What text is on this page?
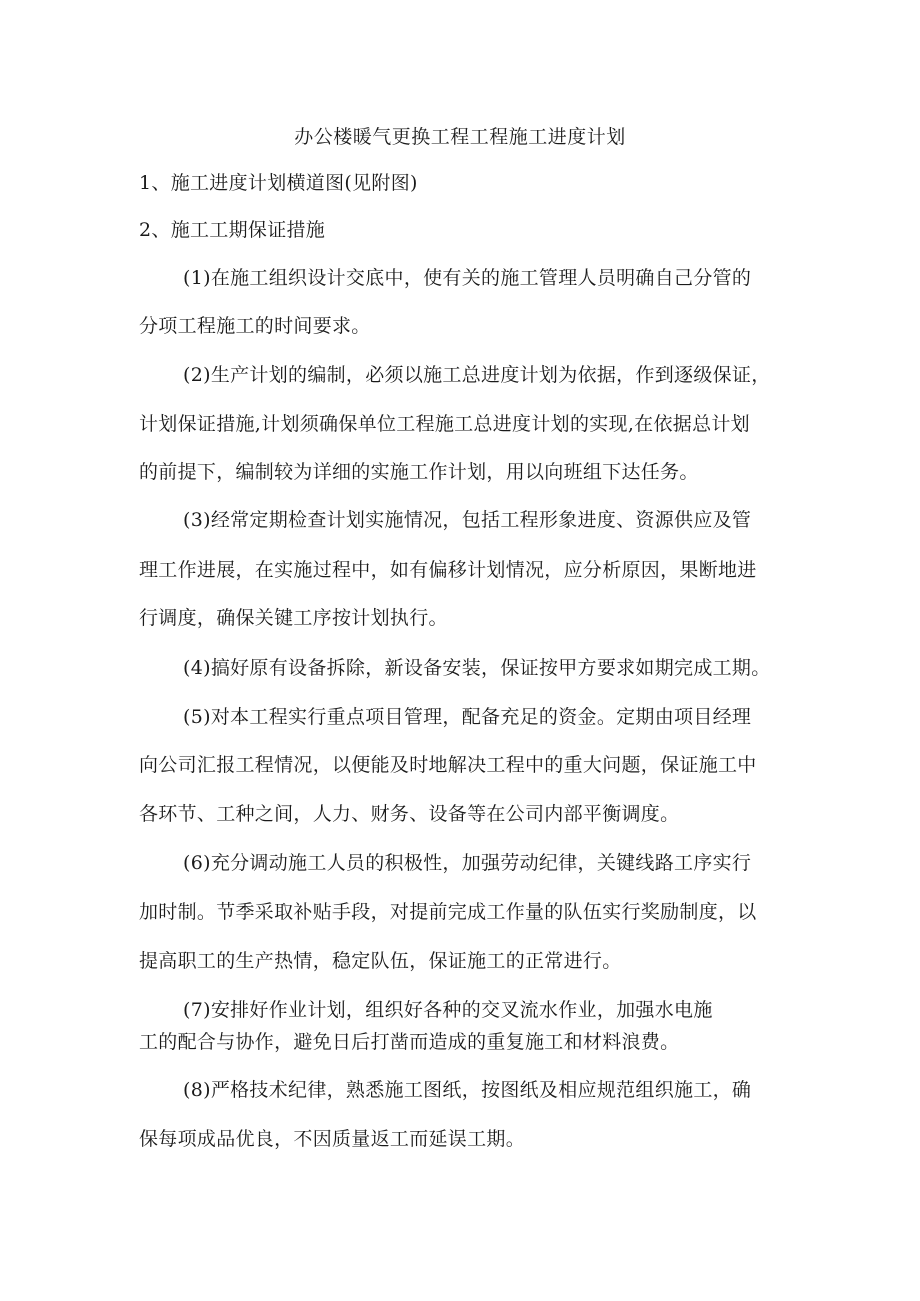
办公楼暖气更换工程工程施工进度计划
1、施工进度计划横道图(见附图)
2、施工工期保证措施
(1)在施工组织设计交底中，使有关的施工管理人员明确自己分管的
分项工程施工的时间要求。
(2)生产计划的编制，必须以施工总进度计划为依据，作到逐级保证，
计划保证措施,计划须确保单位工程施工总进度计划的实现,在依据总计划
的前提下，编制较为详细的实施工作计划，用以向班组下达任务。
(3)经常定期检查计划实施情况，包括工程形象进度、资源供应及管
理工作进展，在实施过程中，如有偏移计划情况，应分析原因，果断地进
行调度，确保关键工序按计划执行。
(4)搞好原有设备拆除，新设备安装，保证按甲方要求如期完成工期。
(5)对本工程实行重点项目管理，配备充足的资金。定期由项目经理
向公司汇报工程情况，以便能及时地解决工程中的重大问题，保证施工中
各环节、工种之间，人力、财务、设备等在公司内部平衡调度。
(6)充分调动施工人员的积极性，加强劳动纪律，关键线路工序实行
加时制。节季采取补贴手段，对提前完成工作量的队伍实行奖励制度，以
提高职工的生产热情，稳定队伍，保证施工的正常进行。
(7)安排好作业计划，组织好各种的交叉流水作业，加强水电施
工的配合与协作，避免日后打凿而造成的重复施工和材料浪费。
(8)严格技术纪律，熟悉施工图纸，按图纸及相应规范组织施工，确
保每项成品优良，不因质量返工而延误工期。
